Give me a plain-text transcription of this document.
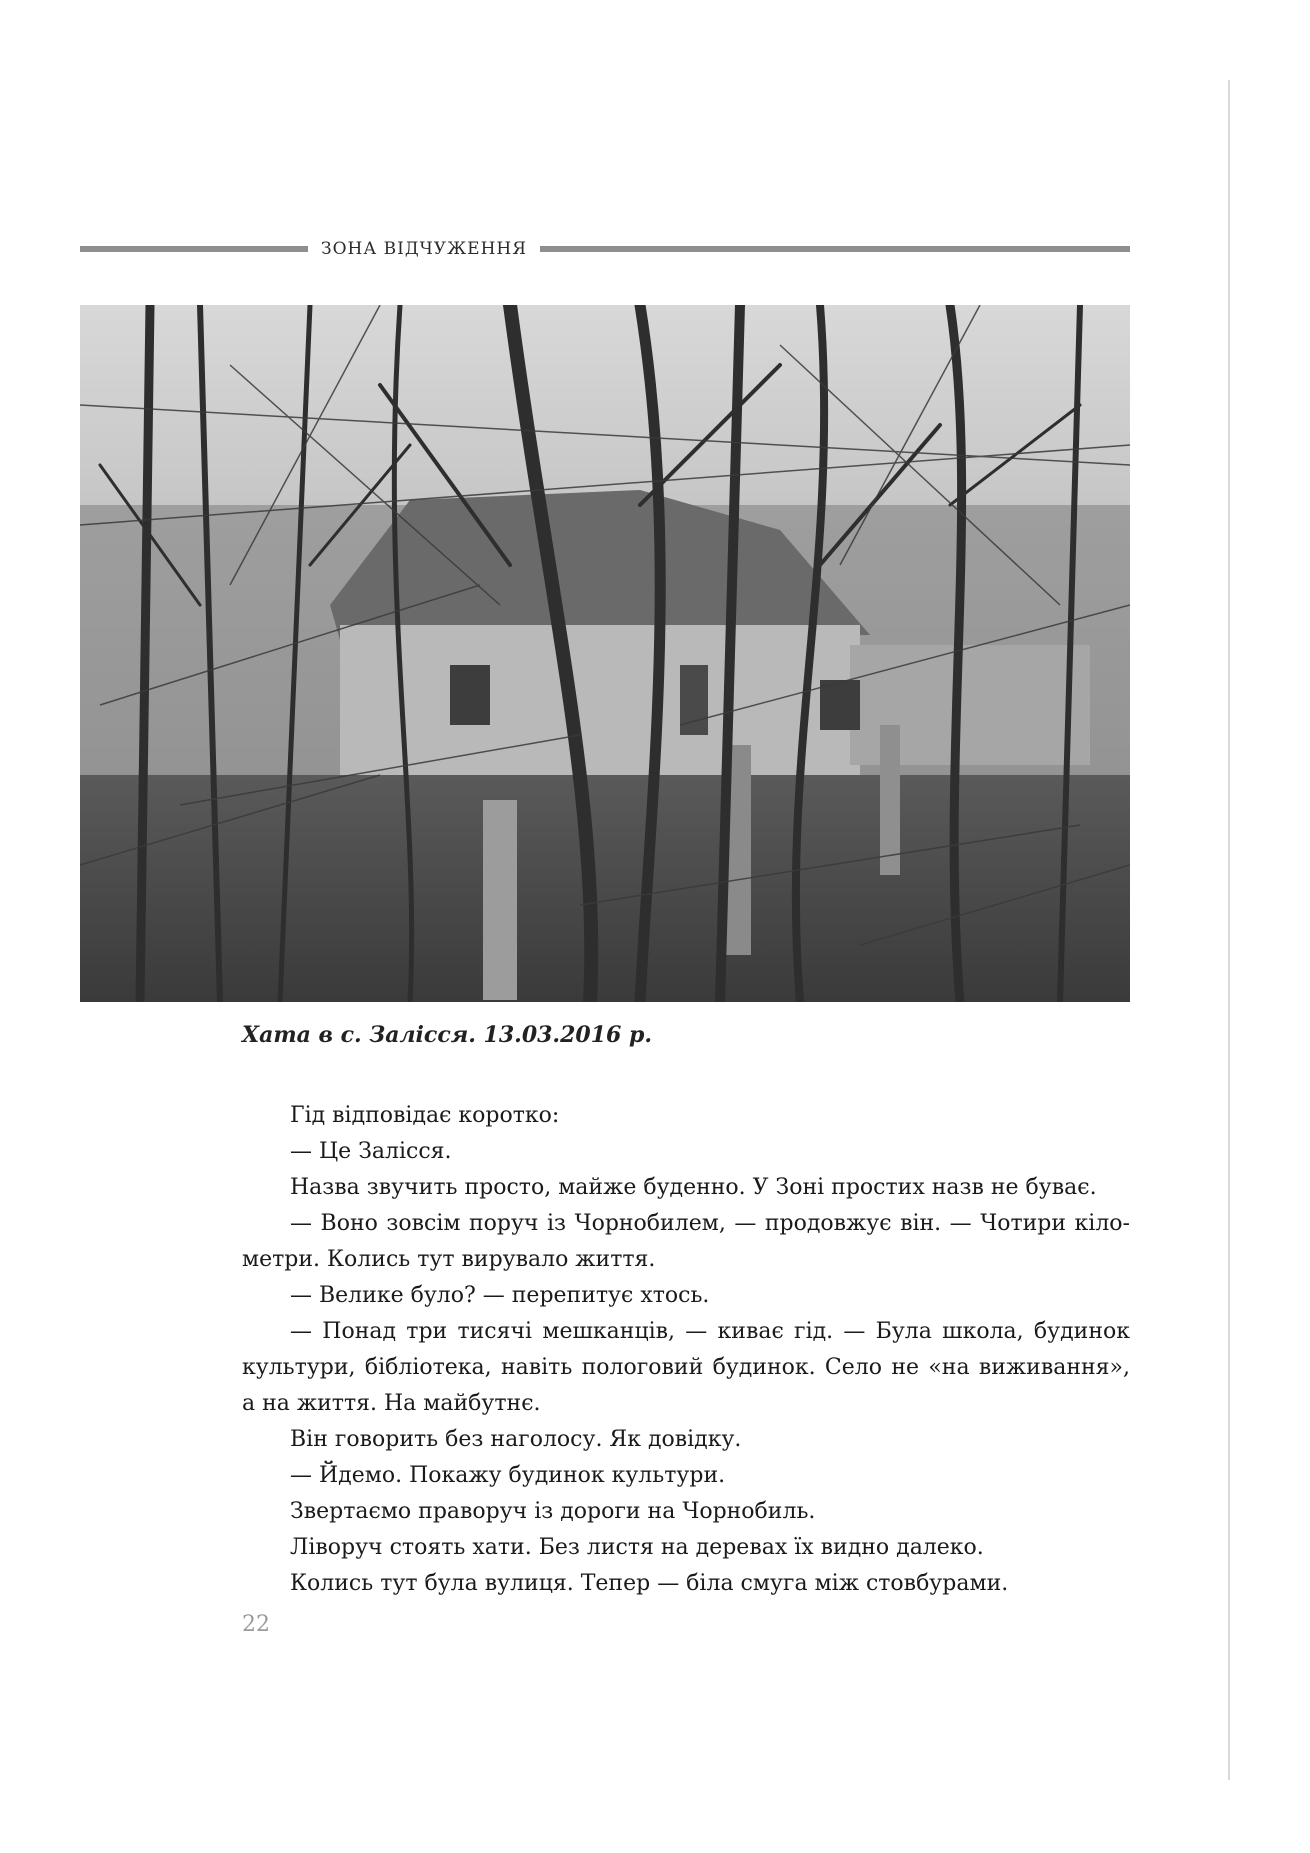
ЗОНА ВІДЧУЖЕННЯ
Хата в с. Залісся. 13.03.2016 р.

Гід відповідає коротко:

— Це Залісся.

Назва звучить просто, майже буденно. У Зоні простих назв не буває.

— Воно зовсім поруч із Чорнобилем, — продовжує він. — Чотири кіло-

метри. Колись тут вирувало життя.

— Велике було? — перепитує хтось.

— Понад три тисячі мешканців, — киває гід. — Була школа, будинок

культури, бібліотека, навіть пологовий будинок. Село не «на виживання»,

а на життя. На майбутнє.

Він говорить без наголосу. Як довідку.

— Йдемо. Покажу будинок культури.

Звертаємо праворуч із дороги на Чорнобиль.

Ліворуч стоять хати. Без листя на деревах їх видно далеко.

Колись тут була вулиця. Тепер — біла смуга між стовбурами.

22
